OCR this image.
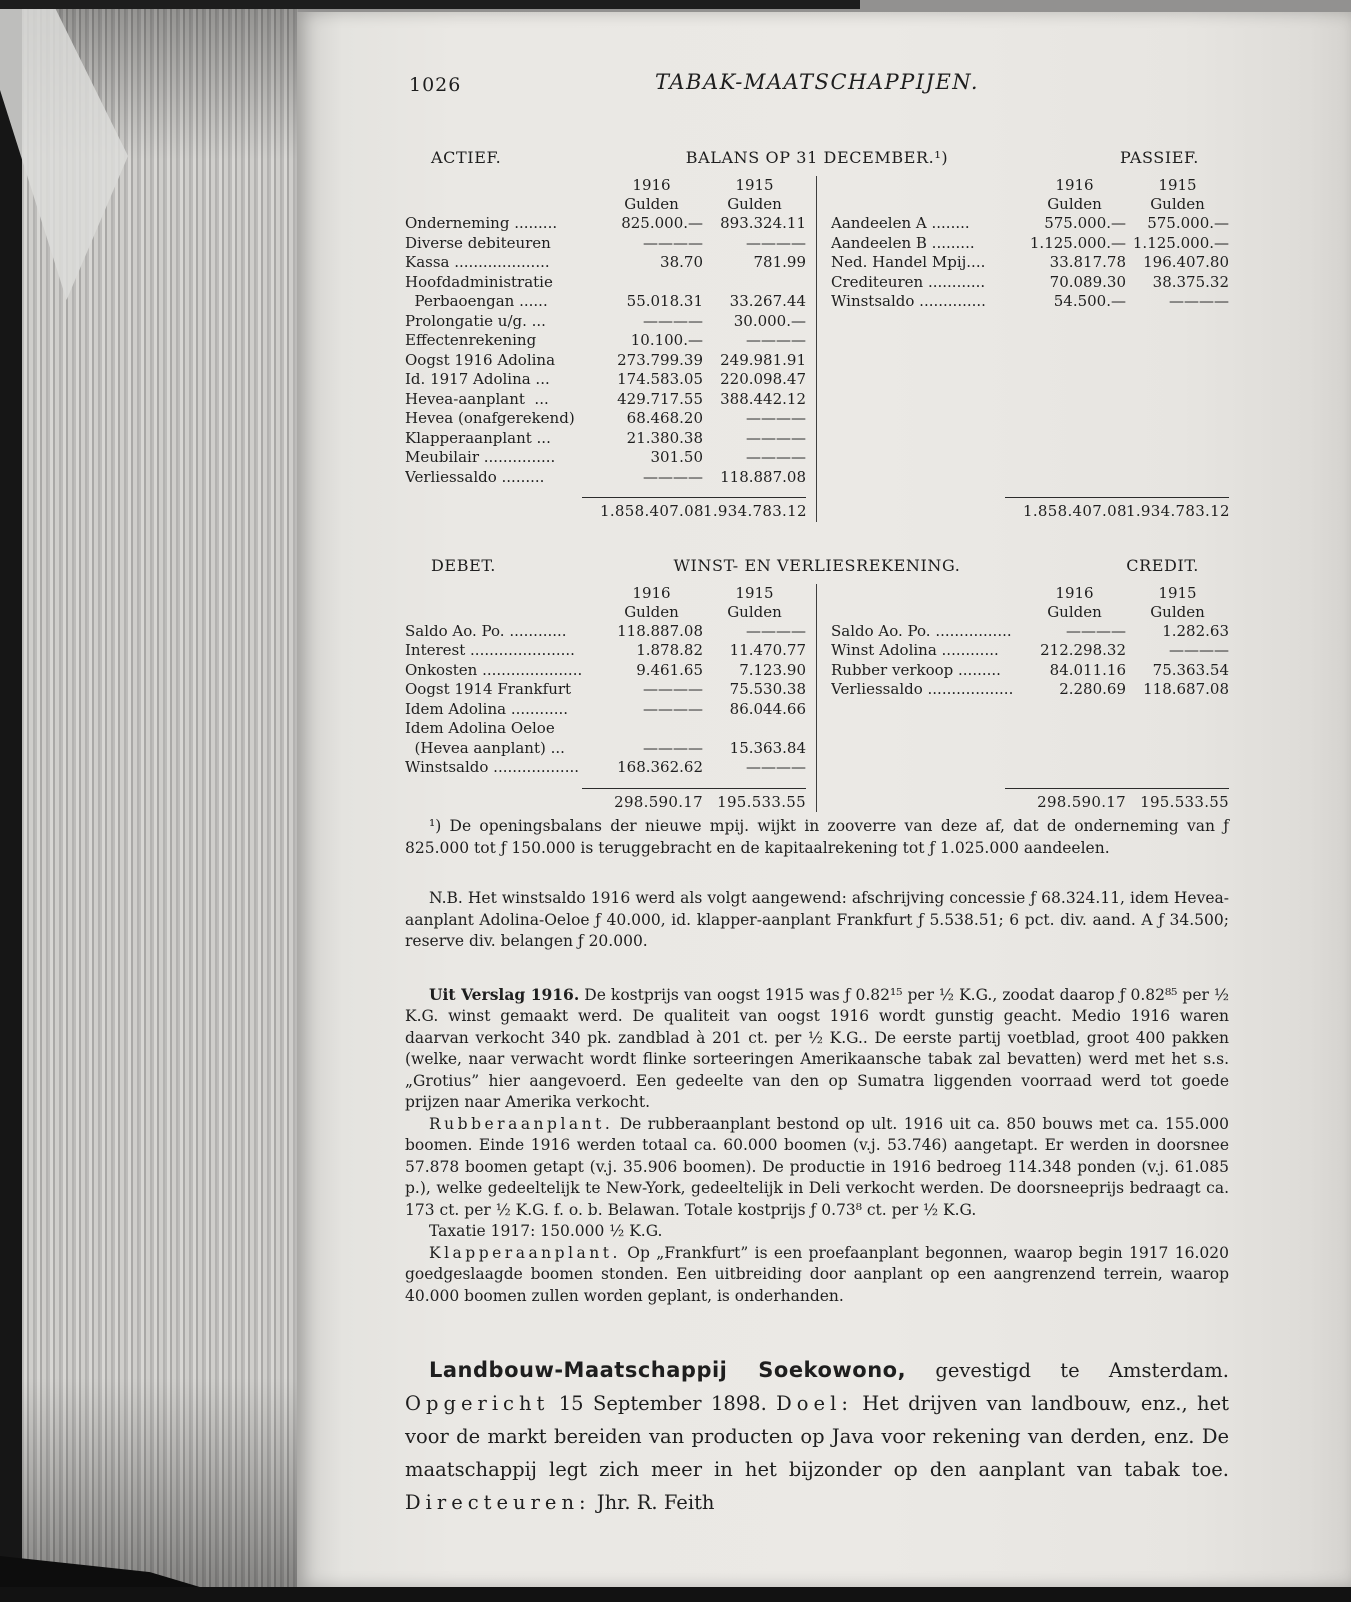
1026	TABAK-MAATSCHAPPIJEN.
ACTIEF.	BALANS OP 31 DECEMBER.¹)	PASSIEF.
1916	1915
Gulden	Gulden
Onderneming .........	825.000.—	893.324.11
Diverse debiteuren	————	————
Kassa ....................	38.70	781.99
Hoofdadministratie
Perbaoengan ......	55.018.31	33.267.44
Prolongatie u/g. ...	————	30.000.—
Effectenrekening	10.100.—	————
Oogst 1916 Adolina	273.799.39	249.981.91
Id. 1917 Adolina ...	174.583.05	220.098.47
Hevea-aanplant  ...	429.717.55	388.442.12
Hevea (onafgerekend)	68.468.20	————
Klapperaanplant ...	21.380.38	————
Meubilair ...............	301.50	————
Verliessaldo .........	————	118.887.08
1.858.407.08 1.934.783.12
1916	1915
Gulden	Gulden
Aandeelen A ........	575.000.—	575.000.—
Aandeelen B .........	1.125.000.— 1.125.000.—
Ned. Handel Mpij....	33.817.78	196.407.80
Crediteuren ............	70.089.30	38.375.32
Winstsaldo ..............	54.500.—	————
1.858.407.08 1.934.783.12
DEBET.	WINST- EN VERLIESREKENING.	CREDIT.
1916	1915
Gulden	Gulden
Saldo Ao. Po. ............	118.887.08	————
Interest ......................	1.878.82	11.470.77
Onkosten .....................	9.461.65	7.123.90
Oogst 1914 Frankfurt	————	75.530.38
Idem Adolina ............	————	86.044.66
Idem Adolina Oeloe
(Hevea aanplant) ...	————	15.363.84
Winstsaldo ..................	168.362.62	————
298.590.17 195.533.55
1916	1915
Gulden	Gulden
Saldo Ao. Po. ................	————	1.282.63
Winst Adolina ............	212.298.32	————
Rubber verkoop .........	84.011.16	75.363.54
Verliessaldo ..................	2.280.69	118.687.08
298.590.17 195.533.55

¹) De openingsbalans der nieuwe mpij. wijkt in zooverre van deze af, dat de onderneming van ƒ 825.000 tot ƒ 150.000 is teruggebracht en de kapitaalrekening tot ƒ 1.025.000 aandeelen.

N.B. Het winstsaldo 1916 werd als volgt aangewend: afschrijving concessie ƒ 68.324.11, idem Hevea-aanplant Adolina-Oeloe ƒ 40.000, id. klapper-aanplant Frankfurt ƒ 5.538.51; 6 pct. div. aand. A ƒ 34.500; reserve div. belangen ƒ 20.000.

Uit Verslag 1916. De kostprijs van oogst 1915 was ƒ 0.82¹⁵ per ½ K.G., zoodat daarop ƒ 0.82⁸⁵ per ½ K.G. winst gemaakt werd. De qualiteit van oogst 1916 wordt gunstig geacht. Medio 1916 waren daarvan verkocht 340 pk. zandblad à 201 ct. per ½ K.G.. De eerste partij voetblad, groot 400 pakken (welke, naar verwacht wordt flinke sorteeringen Amerikaansche tabak zal bevatten) werd met het s.s. „Grotius” hier aangevoerd. Een gedeelte van den op Sumatra liggenden voorraad werd tot goede prijzen naar Amerika verkocht.

Rubberaanplant. De rubberaanplant bestond op ult. 1916 uit ca. 850 bouws met ca. 155.000 boomen. Einde 1916 werden totaal ca. 60.000 boomen (v.j. 53.746) aangetapt. Er werden in doorsnee 57.878 boomen getapt (v.j. 35.906 boomen). De productie in 1916 bedroeg 114.348 ponden (v.j. 61.085 p.), welke gedeeltelijk te New-York, gedeeltelijk in Deli verkocht werden. De doorsneeprijs bedraagt ca. 173 ct. per ½ K.G. f. o. b. Belawan. Totale kostprijs ƒ 0.73⁸ ct. per ½ K.G.

Taxatie 1917: 150.000 ½ K.G.

Klapperaanplant. Op „Frankfurt” is een proefaanplant begonnen, waarop begin 1917 16.020 goedgeslaagde boomen stonden. Een uitbreiding door aanplant op een aangrenzend terrein, waarop 40.000 boomen zullen worden geplant, is onderhanden.

Landbouw-Maatschappij Soekowono, gevestigd te Amsterdam. Opgericht 15 September 1898. Doel: Het drijven van landbouw, enz., het voor de markt bereiden van producten op Java voor rekening van derden, enz. De maatschappij legt zich meer in het bijzonder op den aanplant van tabak toe. Directeuren: Jhr. R. Feith
